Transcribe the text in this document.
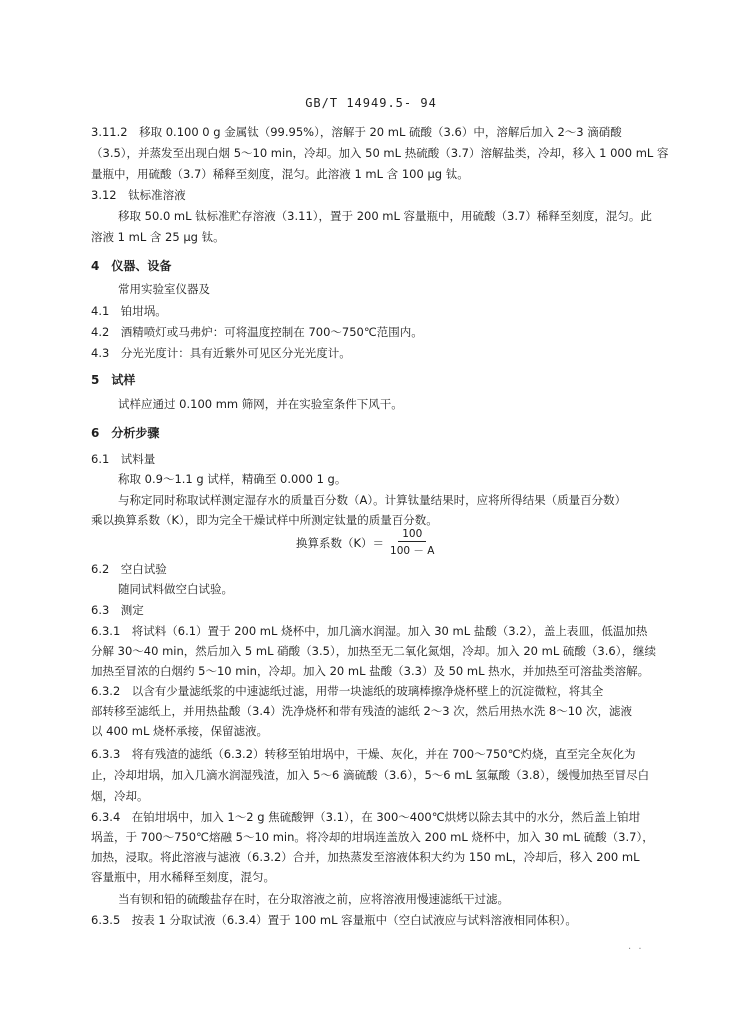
GB/T 14949.5- 94
3.11.2　移取 0.100 0 g 金属钛（99.95%），溶解于 20 mL 硫酸（3.6）中，溶解后加入 2～3 滴硝酸
（3.5），并蒸发至出现白烟 5～10 min，冷却。加入 50 mL 热硫酸（3.7）溶解盐类，冷却，移入 1 000 mL 容
量瓶中，用硫酸（3.7）稀释至刻度，混匀。此溶液 1 mL 含 100 μg 钛。
3.12　钛标准溶液
移取 50.0 mL 钛标准贮存溶液（3.11），置于 200 mL 容量瓶中，用硫酸（3.7）稀释至刻度，混匀。此
溶液 1 mL 含 25 μg 钛。
4　仪器、设备
常用实验室仪器及
4.1　铂坩埚。
4.2　酒精喷灯或马弗炉：可将温度控制在 700～750℃范围内。
4.3　分光光度计：具有近紫外可见区分光光度计。
5　试样
试样应通过 0.100 mm 筛网，并在实验室条件下风干。
6　分析步骤
6.1　试料量
称取 0.9～1.1 g 试样，精确至 0.000 1 g。
与称定同时称取试样测定湿存水的质量百分数（A）。计算钛量结果时，应将所得结果（质量百分数）
乘以换算系数（K），即为完全干燥试样中所测定钛量的质量百分数。
6.2　空白试验
随同试料做空白试验。
6.3　测定
6.3.1　将试料（6.1）置于 200 mL 烧杯中，加几滴水润湿。加入 30 mL 盐酸（3.2），盖上表皿，低温加热
分解 30～40 min，然后加入 5 mL 硝酸（3.5），加热至无二氧化氮烟，冷却。加入 20 mL 硫酸（3.6），继续
加热至冒浓的白烟约 5～10 min，冷却。加入 20 mL 盐酸（3.3）及 50 mL 热水，并加热至可溶盐类溶解。
6.3.2　以含有少量滤纸浆的中速滤纸过滤，用带一块滤纸的玻璃棒擦净烧杯壁上的沉淀微粒，将其全
部转移至滤纸上，并用热盐酸（3.4）洗净烧杯和带有残渣的滤纸 2～3 次，然后用热水洗 8～10 次，滤液
以 400 mL 烧杯承接，保留滤液。
6.3.3　将有残渣的滤纸（6.3.2）转移至铂坩埚中，干燥、灰化，并在 700～750℃灼烧，直至完全灰化为
止，冷却坩埚，加入几滴水润湿残渣，加入 5～6 滴硫酸（3.6），5～6 mL 氢氟酸（3.8），缓慢加热至冒尽白
烟，冷却。
6.3.4　在铂坩埚中，加入 1～2 g 焦硫酸钾（3.1），在 300～400℃烘烤以除去其中的水分，然后盖上铂坩
埚盖，于 700～750℃熔融 5～10 min。将冷却的坩埚连盖放入 200 mL 烧杯中，加入 30 mL 硫酸（3.7），
加热，浸取。将此溶液与滤液（6.3.2）合并，加热蒸发至溶液体积大约为 150 mL，冷却后，移入 200 mL
容量瓶中，用水稀释至刻度，混匀。
当有钡和铅的硫酸盐存在时，在分取溶液之前，应将溶液用慢速滤纸干过滤。
6.3.5　按表 1 分取试液（6.3.4）置于 100 mL 容量瓶中（空白试液应与试料溶液相同体积）。
换算系数$(K)= \frac{100}{100 - A}$
· ·
